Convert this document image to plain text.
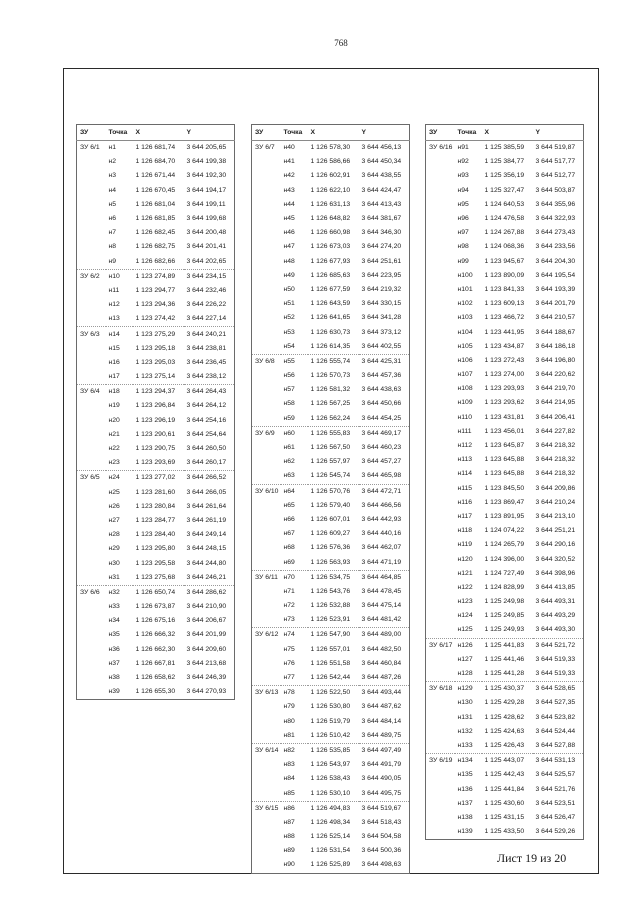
768
ЗУ	Точка	X	Y
ЗУ 6/1	н1	1 126 681,74	3 644 205,65
	н2	1 126 684,70	3 644 199,38
	н3	1 126 671,44	3 644 192,30
	н4	1 126 670,45	3 644 194,17
	н5	1 126 681,04	3 644 199,11
	н6	1 126 681,85	3 644 199,68
	н7	1 126 682,45	3 644 200,48
	н8	1 126 682,75	3 644 201,41
	н9	1 126 682,66	3 644 202,65
ЗУ 6/2	н10	1 123 274,89	3 644 234,15
	н11	1 123 294,77	3 644 232,46
	н12	1 123 294,36	3 644 226,22
	н13	1 123 274,42	3 644 227,14
ЗУ 6/3	н14	1 123 275,29	3 644 240,21
	н15	1 123 295,18	3 644 238,81
	н16	1 123 295,03	3 644 236,45
	н17	1 123 275,14	3 644 238,12
ЗУ 6/4	н18	1 123 294,37	3 644 264,43
	н19	1 123 296,84	3 644 264,12
	н20	1 123 296,19	3 644 254,16
	н21	1 123 290,61	3 644 254,64
	н22	1 123 290,75	3 644 260,50
	н23	1 123 293,69	3 644 260,17
ЗУ 6/5	н24	1 123 277,02	3 644 266,52
	н25	1 123 281,60	3 644 266,05
	н26	1 123 280,84	3 644 261,64
	н27	1 123 284,77	3 644 261,19
	н28	1 123 284,40	3 644 249,14
	н29	1 123 295,80	3 644 248,15
	н30	1 123 295,58	3 644 244,80
	н31	1 123 275,68	3 644 246,21
ЗУ 6/6	н32	1 126 650,74	3 644 286,62
	н33	1 126 673,87	3 644 210,90
	н34	1 126 675,16	3 644 206,67
	н35	1 126 666,32	3 644 201,99
	н36	1 126 662,30	3 644 209,60
	н37	1 126 667,81	3 644 213,68
	н38	1 126 658,62	3 644 246,39
	н39	1 126 655,30	3 644 270,93
ЗУ	Точка	X	Y
ЗУ 6/7	н40	1 126 578,30	3 644 456,13
	н41	1 126 586,66	3 644 450,34
	н42	1 126 602,91	3 644 438,55
	н43	1 126 622,10	3 644 424,47
	н44	1 126 631,13	3 644 413,43
	н45	1 126 648,82	3 644 381,67
	н46	1 126 660,98	3 644 346,30
	н47	1 126 673,03	3 644 274,20
	н48	1 126 677,93	3 644 251,61
	н49	1 126 685,63	3 644 223,95
	н50	1 126 677,59	3 644 219,32
	н51	1 126 643,59	3 644 330,15
	н52	1 126 641,65	3 644 341,28
	н53	1 126 630,73	3 644 373,12
	н54	1 126 614,35	3 644 402,55
ЗУ 6/8	н55	1 126 555,74	3 644 425,31
	н56	1 126 570,73	3 644 457,36
	н57	1 126 581,32	3 644 438,63
	н58	1 126 567,25	3 644 450,66
	н59	1 126 562,24	3 644 454,25
ЗУ 6/9	н60	1 126 555,83	3 644 469,17
	н61	1 126 567,50	3 644 460,23
	н62	1 126 557,97	3 644 457,27
	н63	1 126 545,74	3 644 465,98
ЗУ 6/10	н64	1 126 570,76	3 644 472,71
	н65	1 126 579,40	3 644 466,56
	н66	1 126 607,01	3 644 442,93
	н67	1 126 609,27	3 644 440,16
	н68	1 126 576,36	3 644 462,07
	н69	1 126 563,93	3 644 471,19
ЗУ 6/11	н70	1 126 534,75	3 644 464,85
	н71	1 126 543,76	3 644 478,45
	н72	1 126 532,88	3 644 475,14
	н73	1 126 523,91	3 644 481,42
ЗУ 6/12	н74	1 126 547,90	3 644 489,00
	н75	1 126 557,01	3 644 482,50
	н76	1 126 551,58	3 644 460,84
	н77	1 126 542,44	3 644 487,26
ЗУ 6/13	н78	1 126 522,50	3 644 493,44
	н79	1 126 530,80	3 644 487,62
	н80	1 126 519,79	3 644 484,14
	н81	1 126 510,42	3 644 489,75
ЗУ 6/14	н82	1 126 535,85	3 644 497,49
	н83	1 126 543,97	3 644 491,79
	н84	1 126 538,43	3 644 490,05
	н85	1 126 530,10	3 644 495,75
ЗУ 6/15	н86	1 126 494,83	3 644 519,67
	н87	1 126 498,34	3 644 518,43
	н88	1 126 525,14	3 644 504,58
	н89	1 126 531,54	3 644 500,36
	н90	1 126 525,89	3 644 498,63
ЗУ	Точка	X	Y
ЗУ 6/16	н91	1 125 385,59	3 644 519,87
	н92	1 125 384,77	3 644 517,77
	н93	1 125 356,19	3 644 512,77
	н94	1 125 327,47	3 644 503,87
	н95	1 124 640,53	3 644 355,96
	н96	1 124 476,58	3 644 322,93
	н97	1 124 267,88	3 644 273,43
	н98	1 124 068,36	3 644 233,56
	н99	1 123 945,67	3 644 204,30
	н100	1 123 890,09	3 644 195,54
	н101	1 123 841,33	3 644 193,39
	н102	1 123 609,13	3 644 201,79
	н103	1 123 466,72	3 644 210,57
	н104	1 123 441,95	3 644 188,67
	н105	1 123 434,87	3 644 186,18
	н106	1 123 272,43	3 644 196,80
	н107	1 123 274,00	3 644 220,62
	н108	1 123 293,93	3 644 219,70
	н109	1 123 293,62	3 644 214,95
	н110	1 123 431,81	3 644 206,41
	н111	1 123 456,01	3 644 227,82
	н112	1 123 645,87	3 644 218,32
	н113	1 123 645,88	3 644 218,32
	н114	1 123 645,88	3 644 218,32
	н115	1 123 845,50	3 644 209,86
	н116	1 123 869,47	3 644 210,24
	н117	1 123 891,95	3 644 213,10
	н118	1 124 074,22	3 644 251,21
	н119	1 124 265,79	3 644 290,16
	н120	1 124 396,00	3 644 320,52
	н121	1 124 727,49	3 644 398,96
	н122	1 124 828,99	3 644 413,85
	н123	1 125 249,98	3 644 493,31
	н124	1 125 249,85	3 644 493,29
	н125	1 125 249,93	3 644 493,30
ЗУ 6/17	н126	1 125 441,83	3 644 521,72
	н127	1 125 441,46	3 644 519,33
	н128	1 125 441,28	3 644 519,33
ЗУ 6/18	н129	1 125 430,37	3 644 528,65
	н130	1 125 429,28	3 644 527,35
	н131	1 125 428,62	3 644 523,82
	н132	1 125 424,63	3 644 524,44
	н133	1 125 426,43	3 644 527,88
ЗУ 6/19	н134	1 125 443,07	3 644 531,13
	н135	1 125 442,43	3 644 525,57
	н136	1 125 441,84	3 644 521,76
	н137	1 125 430,60	3 644 523,51
	н138	1 125 431,15	3 644 526,47
	н139	1 125 433,50	3 644 529,26
Лист 19 из 20
